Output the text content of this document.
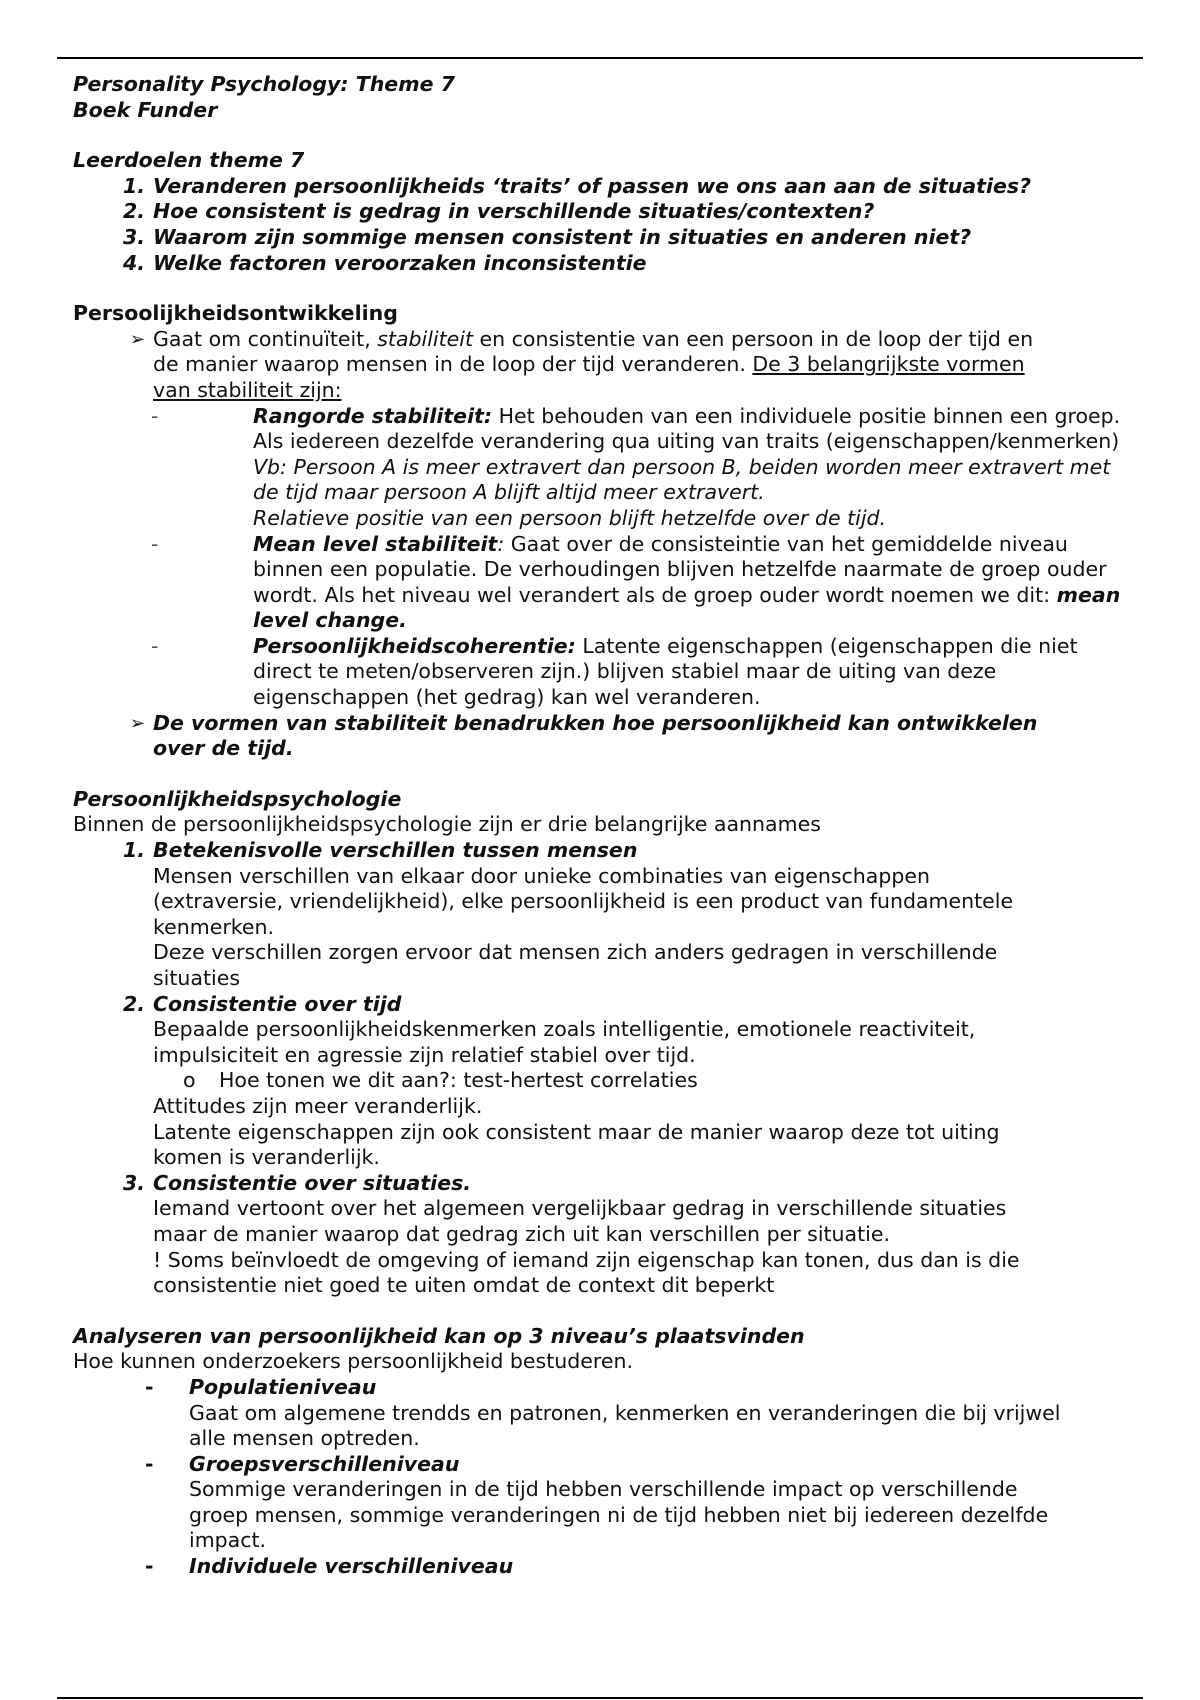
Personality Psychology: Theme 7
Boek Funder
Leerdoelen theme 7
1. Veranderen persoonlijkheids ‘traits’ of passen we ons aan aan de situaties?
2. Hoe consistent is gedrag in verschillende situaties/contexten?
3. Waarom zijn sommige mensen consistent in situaties en anderen niet?
4. Welke factoren veroorzaken inconsistentie
Persoolijkheidsontwikkeling
➢ Gaat om continuïteit, stabiliteit en consistentie van een persoon in de loop der tijd en
de manier waarop mensen in de loop der tijd veranderen. De 3 belangrijkste vormen
van stabiliteit zijn:
-	Rangorde stabiliteit: Het behouden van een individuele positie binnen een groep.
Als iedereen dezelfde verandering qua uiting van traits (eigenschappen/kenmerken)
Vb: Persoon A is meer extravert dan persoon B, beiden worden meer extravert met
de tijd maar persoon A blijft altijd meer extravert.
Relatieve positie van een persoon blijft hetzelfde over de tijd.
-	Mean level stabiliteit: Gaat over de consisteintie van het gemiddelde niveau
binnen een populatie. De verhoudingen blijven hetzelfde naarmate de groep ouder
wordt. Als het niveau wel verandert als de groep ouder wordt noemen we dit: mean
level change.
-	Persoonlijkheidscoherentie: Latente eigenschappen (eigenschappen die niet
direct te meten/observeren zijn.) blijven stabiel maar de uiting van deze
eigenschappen (het gedrag) kan wel veranderen.
➢ De vormen van stabiliteit benadrukken hoe persoonlijkheid kan ontwikkelen
over de tijd.
Persoonlijkheidspsychologie
Binnen de persoonlijkheidspsychologie zijn er drie belangrijke aannames
1. Betekenisvolle verschillen tussen mensen
Mensen verschillen van elkaar door unieke combinaties van eigenschappen
(extraversie, vriendelijkheid), elke persoonlijkheid is een product van fundamentele
kenmerken.
Deze verschillen zorgen ervoor dat mensen zich anders gedragen in verschillende
situaties
2. Consistentie over tijd
Bepaalde persoonlijkheidskenmerken zoals intelligentie, emotionele reactiviteit,
impulsiciteit en agressie zijn relatief stabiel over tijd.
o Hoe tonen we dit aan?: test-hertest correlaties
Attitudes zijn meer veranderlijk.
Latente eigenschappen zijn ook consistent maar de manier waarop deze tot uiting
komen is veranderlijk.
3. Consistentie over situaties.
Iemand vertoont over het algemeen vergelijkbaar gedrag in verschillende situaties
maar de manier waarop dat gedrag zich uit kan verschillen per situatie.
! Soms beïnvloedt de omgeving of iemand zijn eigenschap kan tonen, dus dan is die
consistentie niet goed te uiten omdat de context dit beperkt
Analyseren van persoonlijkheid kan op 3 niveau’s plaatsvinden
Hoe kunnen onderzoekers persoonlijkheid bestuderen.
-	Populatieniveau
Gaat om algemene trendds en patronen, kenmerken en veranderingen die bij vrijwel
alle mensen optreden.
-	Groepsverschilleniveau
Sommige veranderingen in de tijd hebben verschillende impact op verschillende
groep mensen, sommige veranderingen ni de tijd hebben niet bij iedereen dezelfde
impact.
-	Individuele verschilleniveau
